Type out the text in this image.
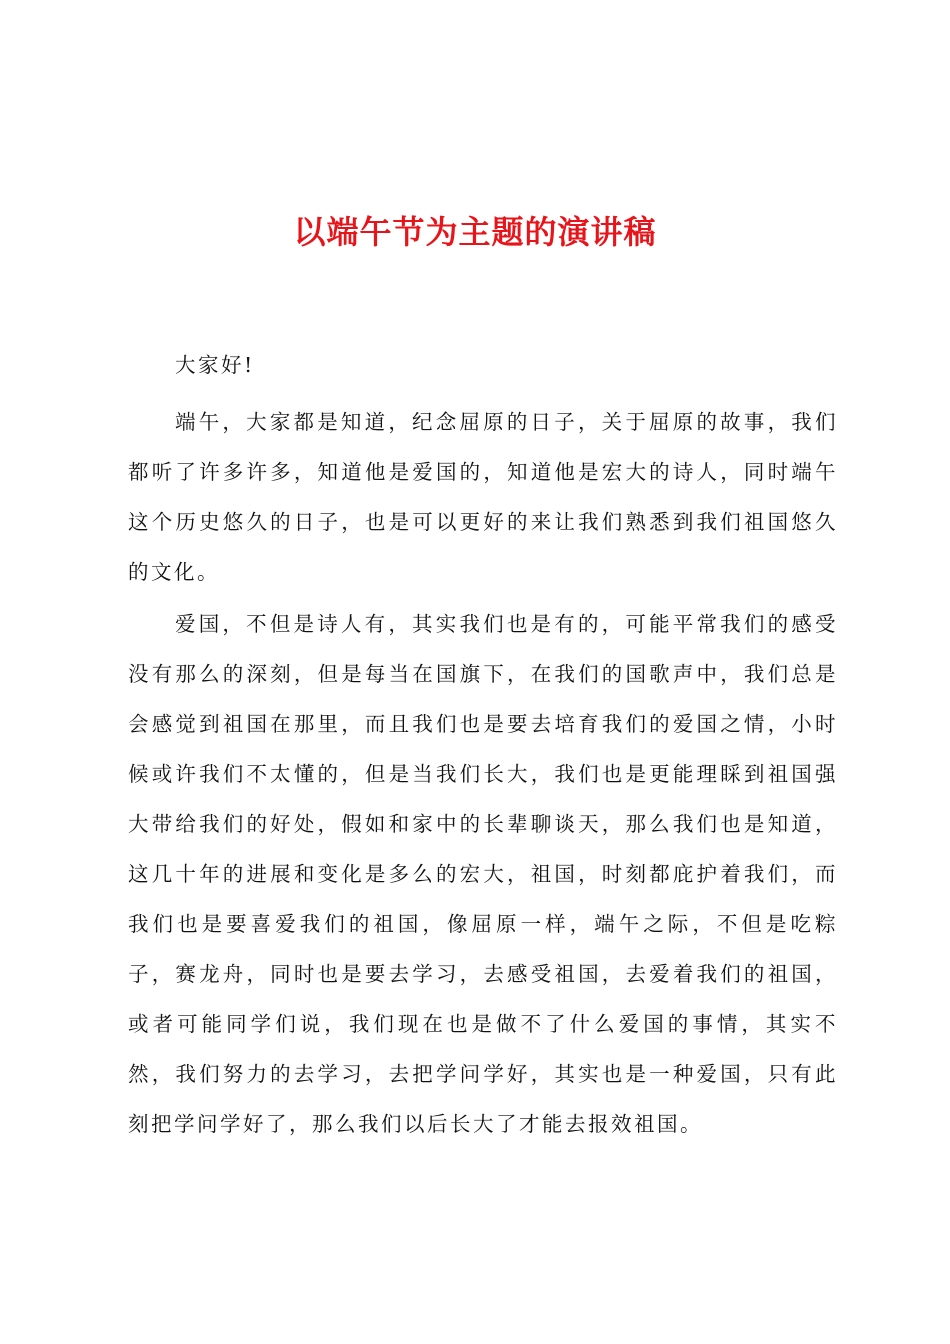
以端午节为主题的演讲稿

大家好!

端午，大家都是知道，纪念屈原的日子，关于屈原的故事，我们都听了许多许多，知道他是爱国的，知道他是宏大的诗人，同时端午这个历史悠久的日子，也是可以更好的来让我们熟悉到我们祖国悠久的文化。

爱国，不但是诗人有，其实我们也是有的，可能平常我们的感受没有那么的深刻，但是每当在国旗下，在我们的国歌声中，我们总是会感觉到祖国在那里，而且我们也是要去培育我们的爱国之情，小时候或许我们不太懂的，但是当我们长大，我们也是更能理睬到祖国强大带给我们的好处，假如和家中的长辈聊谈天，那么我们也是知道，这几十年的进展和变化是多么的宏大，祖国，时刻都庇护着我们，而我们也是要喜爱我们的祖国，像屈原一样，端午之际，不但是吃粽子，赛龙舟，同时也是要去学习，去感受祖国，去爱着我们的祖国，或者可能同学们说，我们现在也是做不了什么爱国的事情，其实不然，我们努力的去学习，去把学问学好，其实也是一种爱国，只有此刻把学问学好了，那么我们以后长大了才能去报效祖国。
